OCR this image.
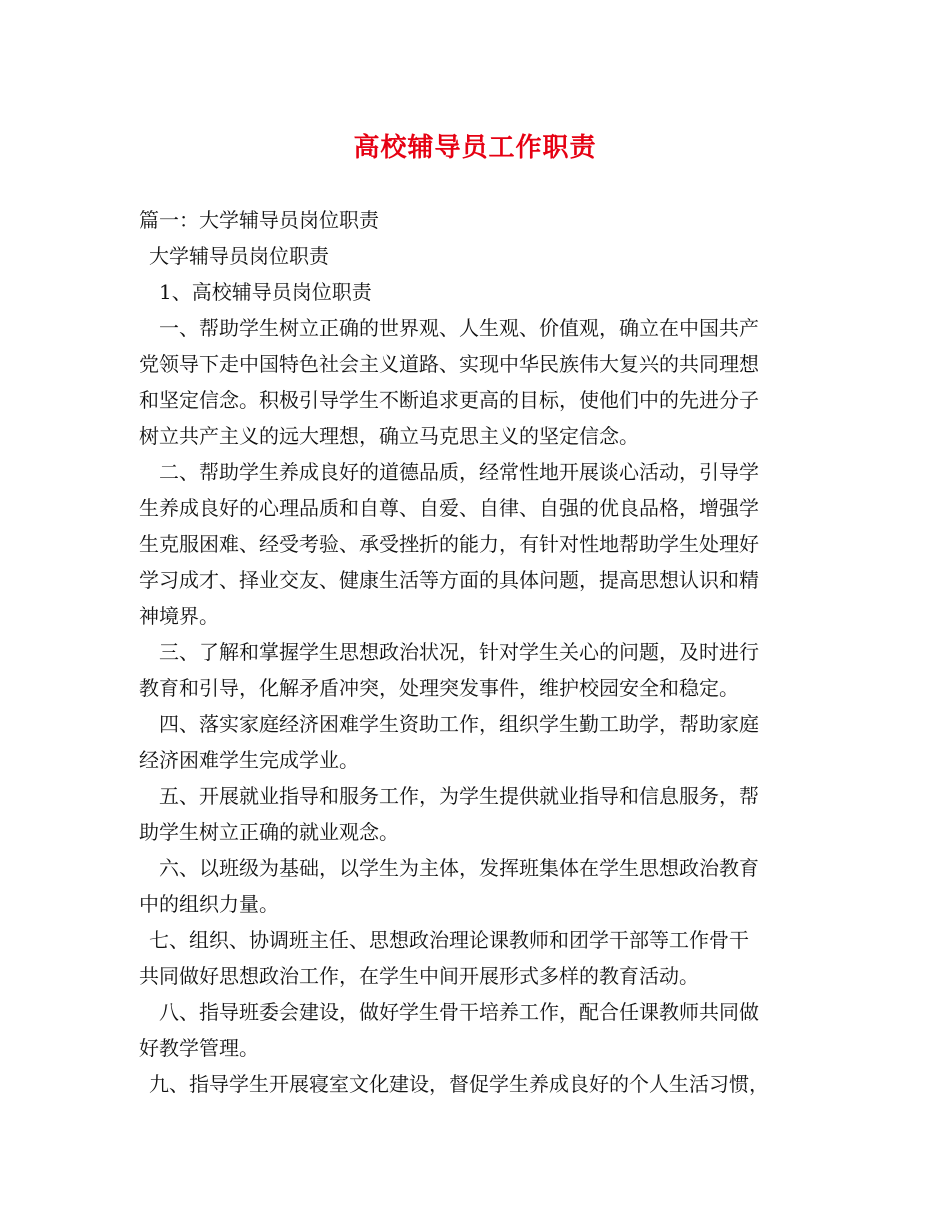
高校辅导员工作职责

篇一：大学辅导员岗位职责

大学辅导员岗位职责

1、高校辅导员岗位职责

一、帮助学生树立正确的世界观、人生观、价值观，确立在中国共产

党领导下走中国特色社会主义道路、实现中华民族伟大复兴的共同理想

和坚定信念。积极引导学生不断追求更高的目标，使他们中的先进分子

树立共产主义的远大理想，确立马克思主义的坚定信念。

二、帮助学生养成良好的道德品质，经常性地开展谈心活动，引导学

生养成良好的心理品质和自尊、自爱、自律、自强的优良品格，增强学

生克服困难、经受考验、承受挫折的能力，有针对性地帮助学生处理好

学习成才、择业交友、健康生活等方面的具体问题，提高思想认识和精

神境界。

三、了解和掌握学生思想政治状况，针对学生关心的问题，及时进行

教育和引导，化解矛盾冲突，处理突发事件，维护校园安全和稳定。

四、落实家庭经济困难学生资助工作，组织学生勤工助学，帮助家庭

经济困难学生完成学业。

五、开展就业指导和服务工作，为学生提供就业指导和信息服务，帮

助学生树立正确的就业观念。

六、以班级为基础，以学生为主体，发挥班集体在学生思想政治教育

中的组织力量。

七、组织、协调班主任、思想政治理论课教师和团学干部等工作骨干

共同做好思想政治工作，在学生中间开展形式多样的教育活动。

八、指导班委会建设，做好学生骨干培养工作，配合任课教师共同做

好教学管理。

九、指导学生开展寝室文化建设，督促学生养成良好的个人生活习惯，
